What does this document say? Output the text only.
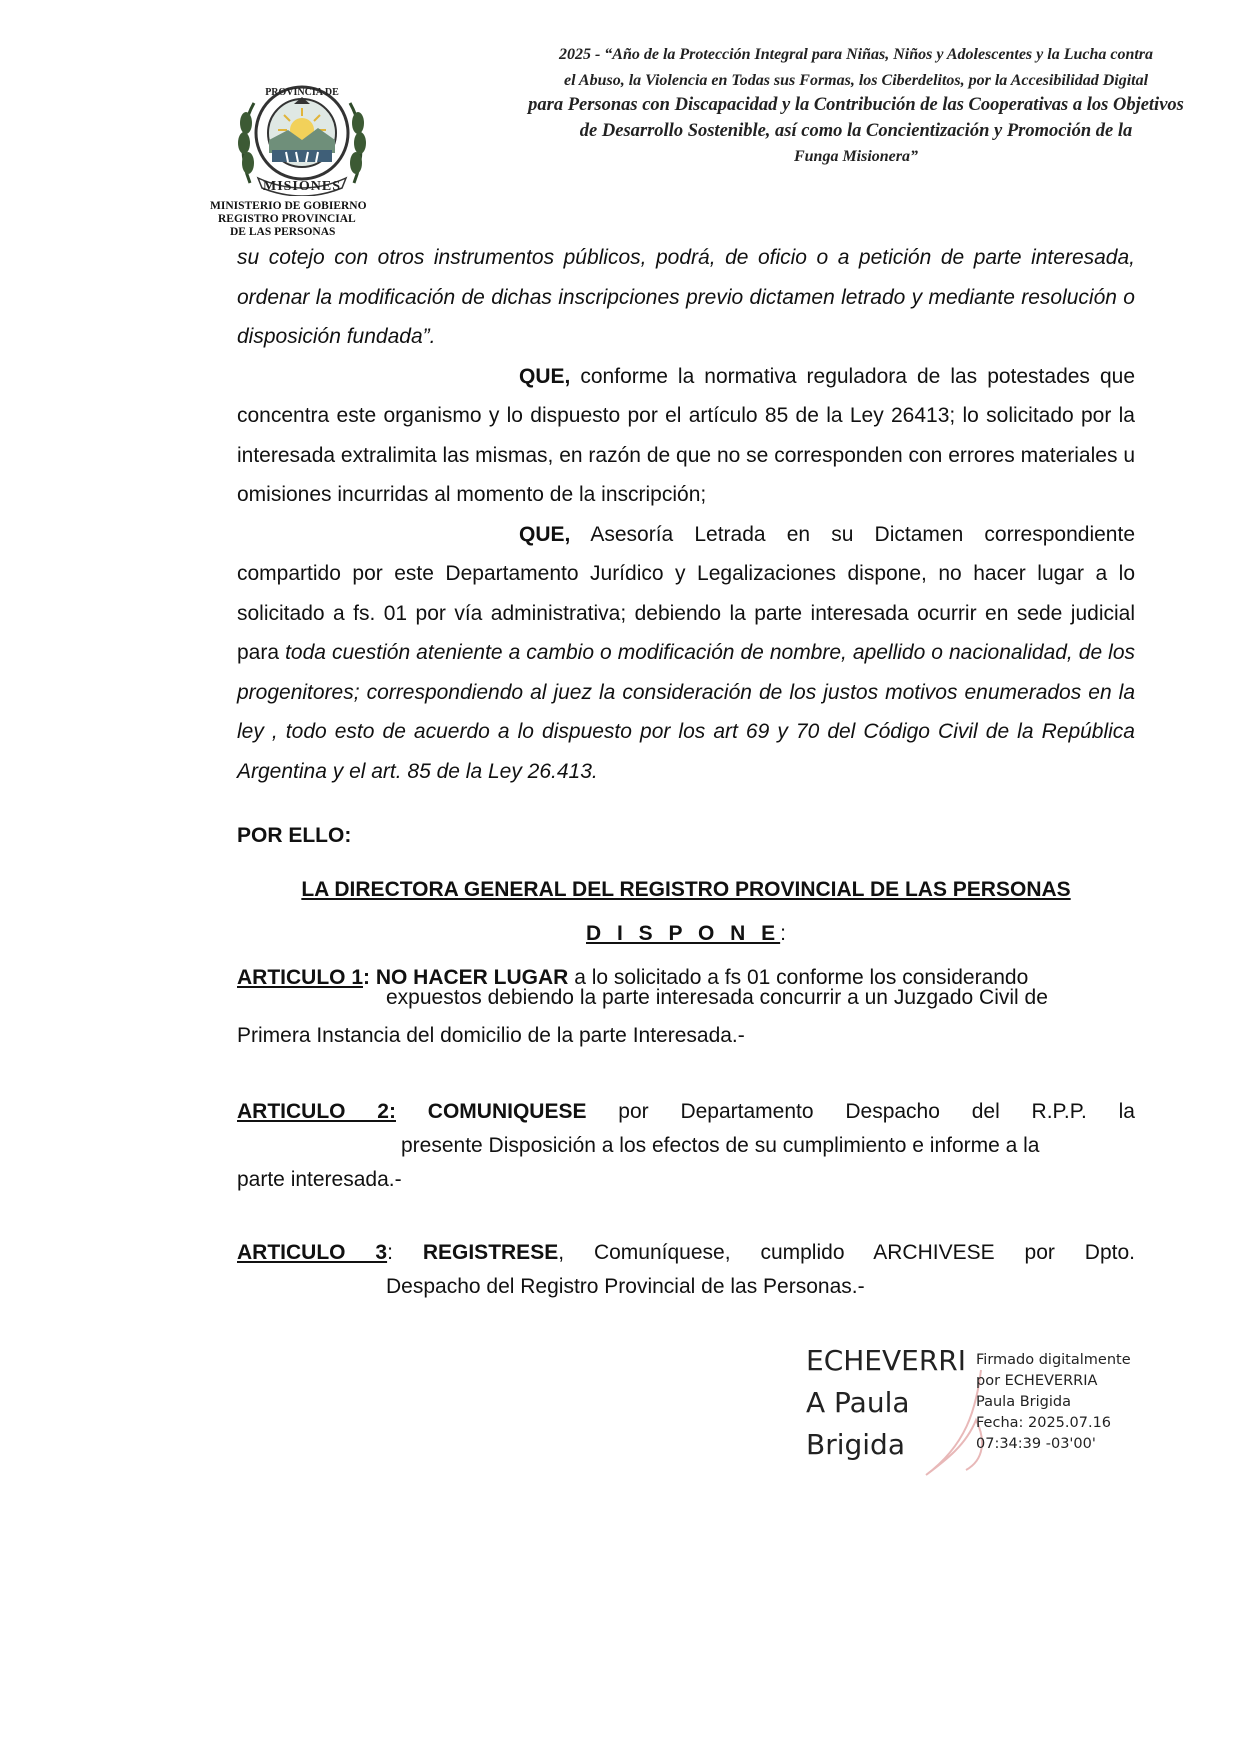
PROVINCIA DE
MISIONES
MINISTERIO DE GOBIERNO
REGISTRO PROVINCIAL
DE LAS PERSONAS
2025 - “Año de la Protección Integral para Niñas, Niños y Adolescentes y la Lucha contra
el Abuso, la Violencia en Todas sus Formas, los Ciberdelitos, por la Accesibilidad Digital
para Personas con Discapacidad y la Contribución de las Cooperativas a los Objetivos
de Desarrollo Sostenible, así como la Concientización y Promoción de la
Funga Misionera”

su cotejo con otros instrumentos públicos, podrá, de oficio o a petición de parte interesada, ordenar la modificación de dichas inscripciones previo dictamen letrado y mediante resolución o disposición fundada”.

QUE, conforme la normativa reguladora de las potestades que concentra este organismo y lo dispuesto por el artículo 85 de la Ley 26413; lo solicitado por la interesada extralimita las mismas, en razón de que no se corresponden con errores materiales u omisiones incurridas al momento de la inscripción;

QUE, Asesoría Letrada en su Dictamen correspondiente compartido por este Departamento Jurídico y Legalizaciones dispone, no hacer lugar a lo solicitado a fs. 01 por vía administrativa; debiendo la parte interesada ocurrir en sede judicial para toda cuestión ateniente a cambio o modificación de nombre, apellido o nacionalidad, de los progenitores; correspondiendo al juez la consideración de los justos motivos enumerados en la ley , todo esto de acuerdo a lo dispuesto por los art 69 y 70 del Código Civil de la República Argentina y el art. 85 de la Ley 26.413.

POR ELLO:
LA DIRECTORA GENERAL DEL REGISTRO PROVINCIAL DE LAS PERSONAS
D I S P O N E:
ARTICULO 1: NO HACER LUGAR a lo solicitado a fs 01 conforme los considerando
expuestos debiendo la parte interesada concurrir a un Juzgado Civil de
Primera Instancia del domicilio de la parte Interesada.-
ARTICULO 2: COMUNIQUESE por Departamento Despacho del R.P.P. la
presente Disposición a los efectos de su cumplimiento e informe a la
parte interesada.-
ARTICULO 3: REGISTRESE, Comuníquese, cumplido ARCHIVESE por Dpto.
Despacho del Registro Provincial de las Personas.-
ECHEVERRI
A Paula
Brigida
Firmado digitalmente
por ECHEVERRIA
Paula Brigida
Fecha: 2025.07.16
07:34:39 -03'00'
